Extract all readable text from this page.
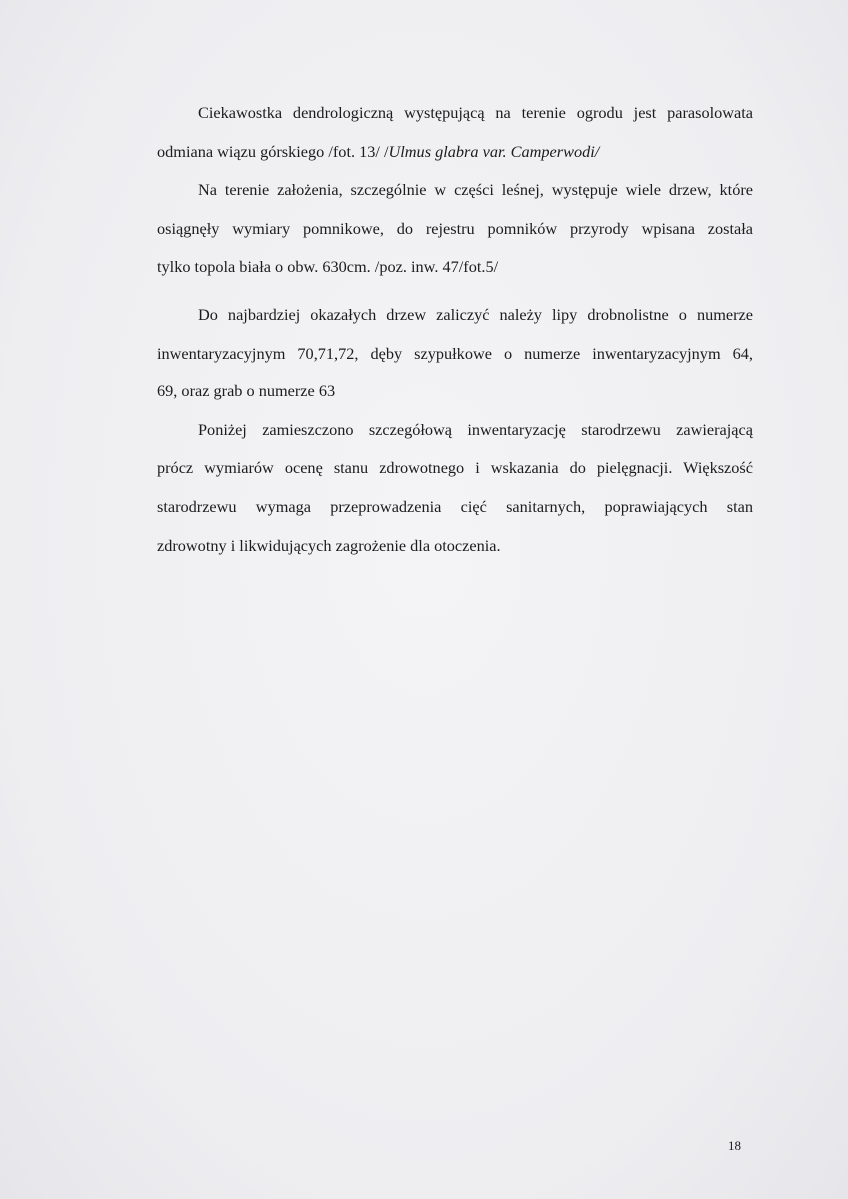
Ciekawostka dendrologiczną występującą na terenie ogrodu jest parasolowata
odmiana wiązu górskiego /fot. 13/ /Ulmus glabra var. Camperwodi/
Na terenie założenia, szczególnie w części leśnej, występuje wiele drzew, które
osiągnęły wymiary pomnikowe, do rejestru pomników przyrody wpisana została
tylko topola biała o obw. 630cm. /poz. inw. 47/fot.5/
Do najbardziej okazałych drzew zaliczyć należy lipy drobnolistne o numerze
inwentaryzacyjnym 70,71,72, dęby szypułkowe o numerze inwentaryzacyjnym 64,
69, oraz grab o numerze 63
Poniżej zamieszczono szczegółową inwentaryzację starodrzewu zawierającą
prócz wymiarów ocenę stanu zdrowotnego i wskazania do pielęgnacji. Większość
starodrzewu wymaga przeprowadzenia cięć sanitarnych, poprawiających stan
zdrowotny i likwidujących zagrożenie dla otoczenia.
18
